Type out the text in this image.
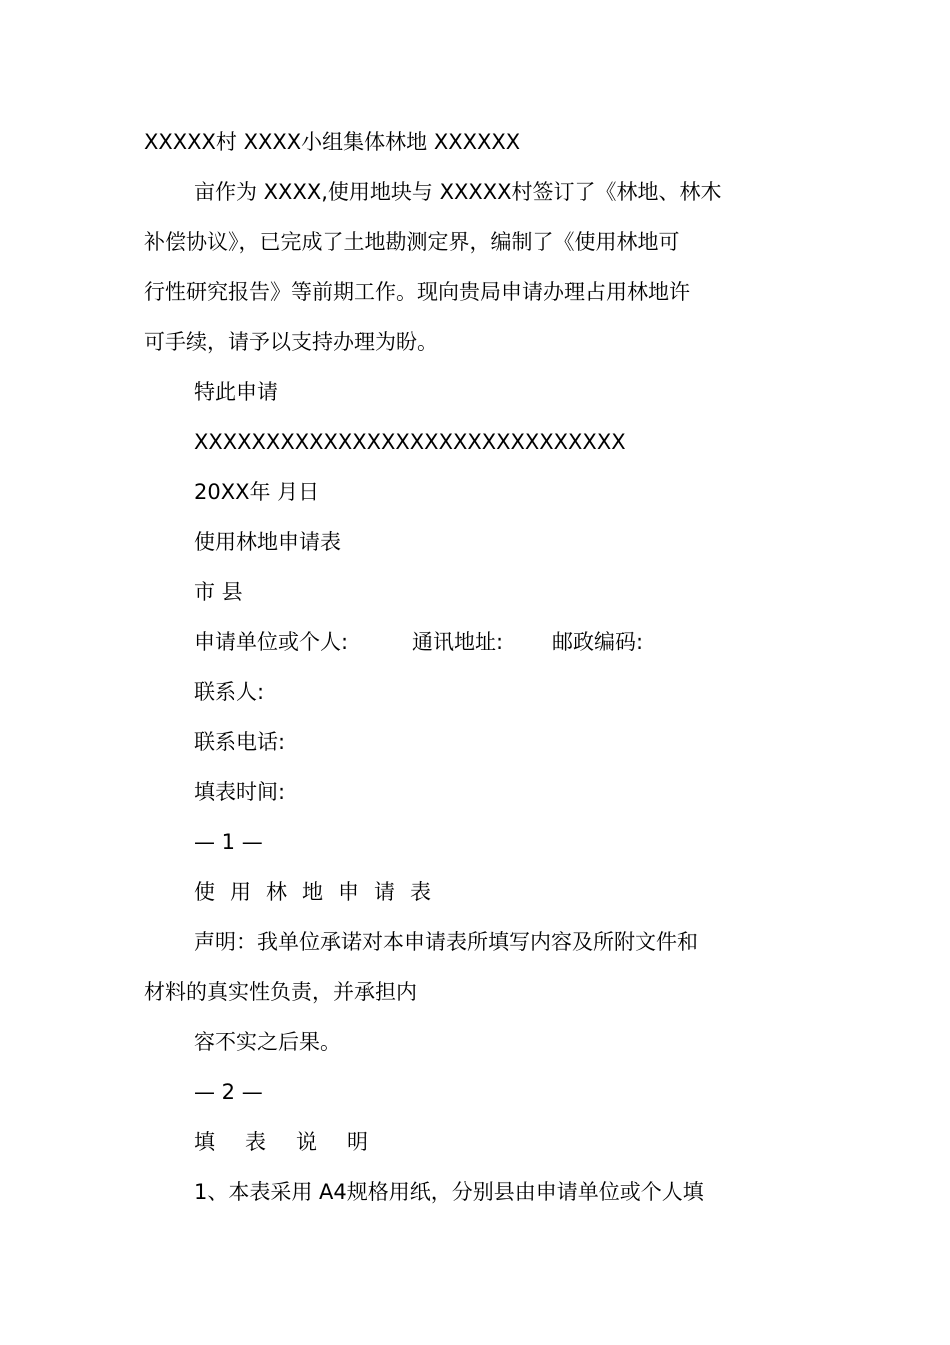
XXXXX村 XXXX小组集体林地 XXXXXX
亩作为 XXXX,使用地块与 XXXXX村签订了《林地、林木
补偿协议》，已完成了土地勘测定界，编制了《使用林地可
行性研究报告》等前期工作。现向贵局申请办理占用林地许
可手续，请予以支持办理为盼。
特此申请
XXXXXXXXXXXXXXXXXXXXXXXXXXXXXX
20XX年 月日
使用林地申请表
市 县
申请单位或个人:	通讯地址: 邮政编码:
联系人:
联系电话:
填表时间:
— 1 —
使用林地申请表
声明：我单位承诺对本申请表所填写内容及所附文件和
材料的真实性负责，并承担内
容不实之后果。
— 2 —
填表说明
1、本表采用 A4规格用纸，分别县由申请单位或个人填
